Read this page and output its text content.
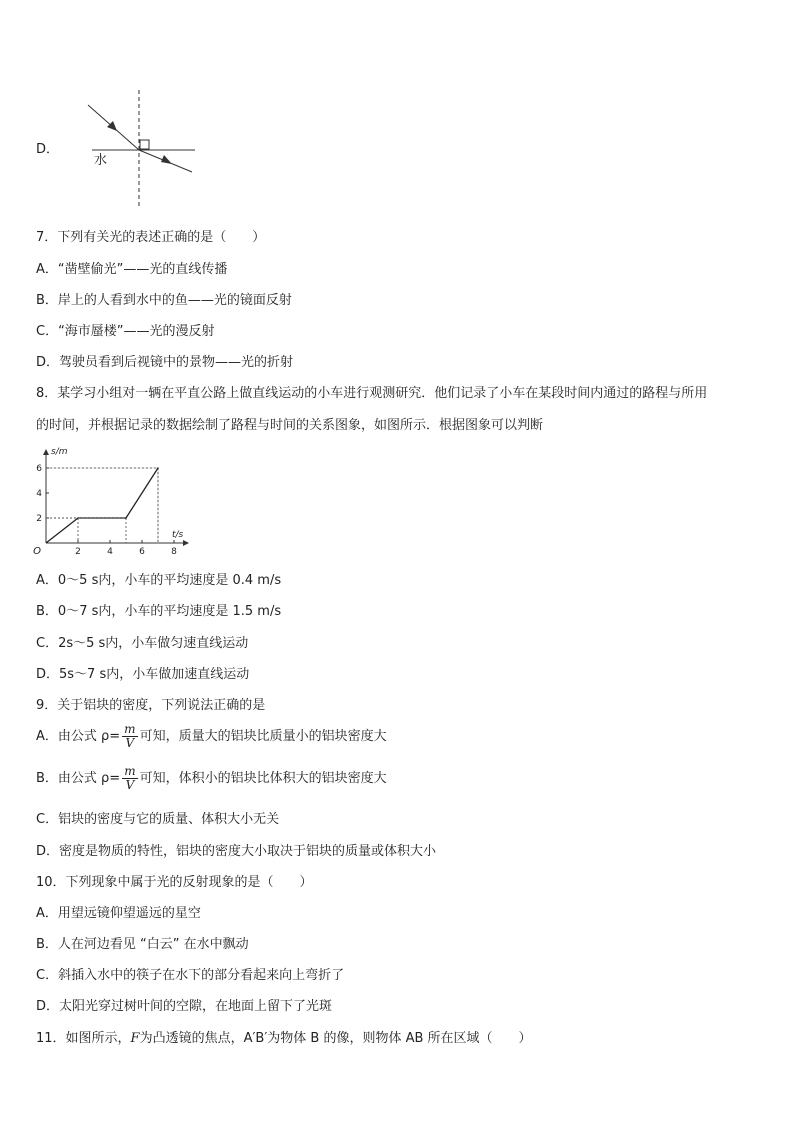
D．
水
7．下列有关光的表述正确的是（　　）
A．“凿壁偷光”——光的直线传播
B．岸上的人看到水中的鱼——光的镜面反射
C．“海市蜃楼”——光的漫反射
D．驾驶员看到后视镜中的景物——光的折射
8．某学习小组对一辆在平直公路上做直线运动的小车进行观测研究．他们记录了小车在某段时间内通过的路程与所用
的时间，并根据记录的数据绘制了路程与时间的关系图象，如图所示．根据图象可以判断
2	4	6	8
2
4
6
O
s/m
t/s
A．0～5 s内，小车的平均速度是 0.4 m/s
B．0～7 s内，小车的平均速度是 1.5 m/s
C．2s～5 s内，小车做匀速直线运动
D．5s～7 s内，小车做加速直线运动
9．关于铝块的密度，下列说法正确的是
A．由公式 $\rho= \frac{m}{V}$ 可知，质量大的铝块比质量小的铝块密度大
B．由公式 $\rho= \frac{m}{V}$ 可知，体积小的铝块比体积大的铝块密度大
C．铝块的密度与它的质量、体积大小无关
D．密度是物质的特性，铝块的密度大小取决于铝块的质量或体积大小
10．下列现象中属于光的反射现象的是（　　）
A．用望远镜仰望遥远的星空
B．人在河边看见 “白云” 在水中飘动
C．斜插入水中的筷子在水下的部分看起来向上弯折了
D．太阳光穿过树叶间的空隙，在地面上留下了光斑
11．如图所示，F为凸透镜的焦点，A′B′为物体 B 的像，则物体 AB 所在区域（　　）
